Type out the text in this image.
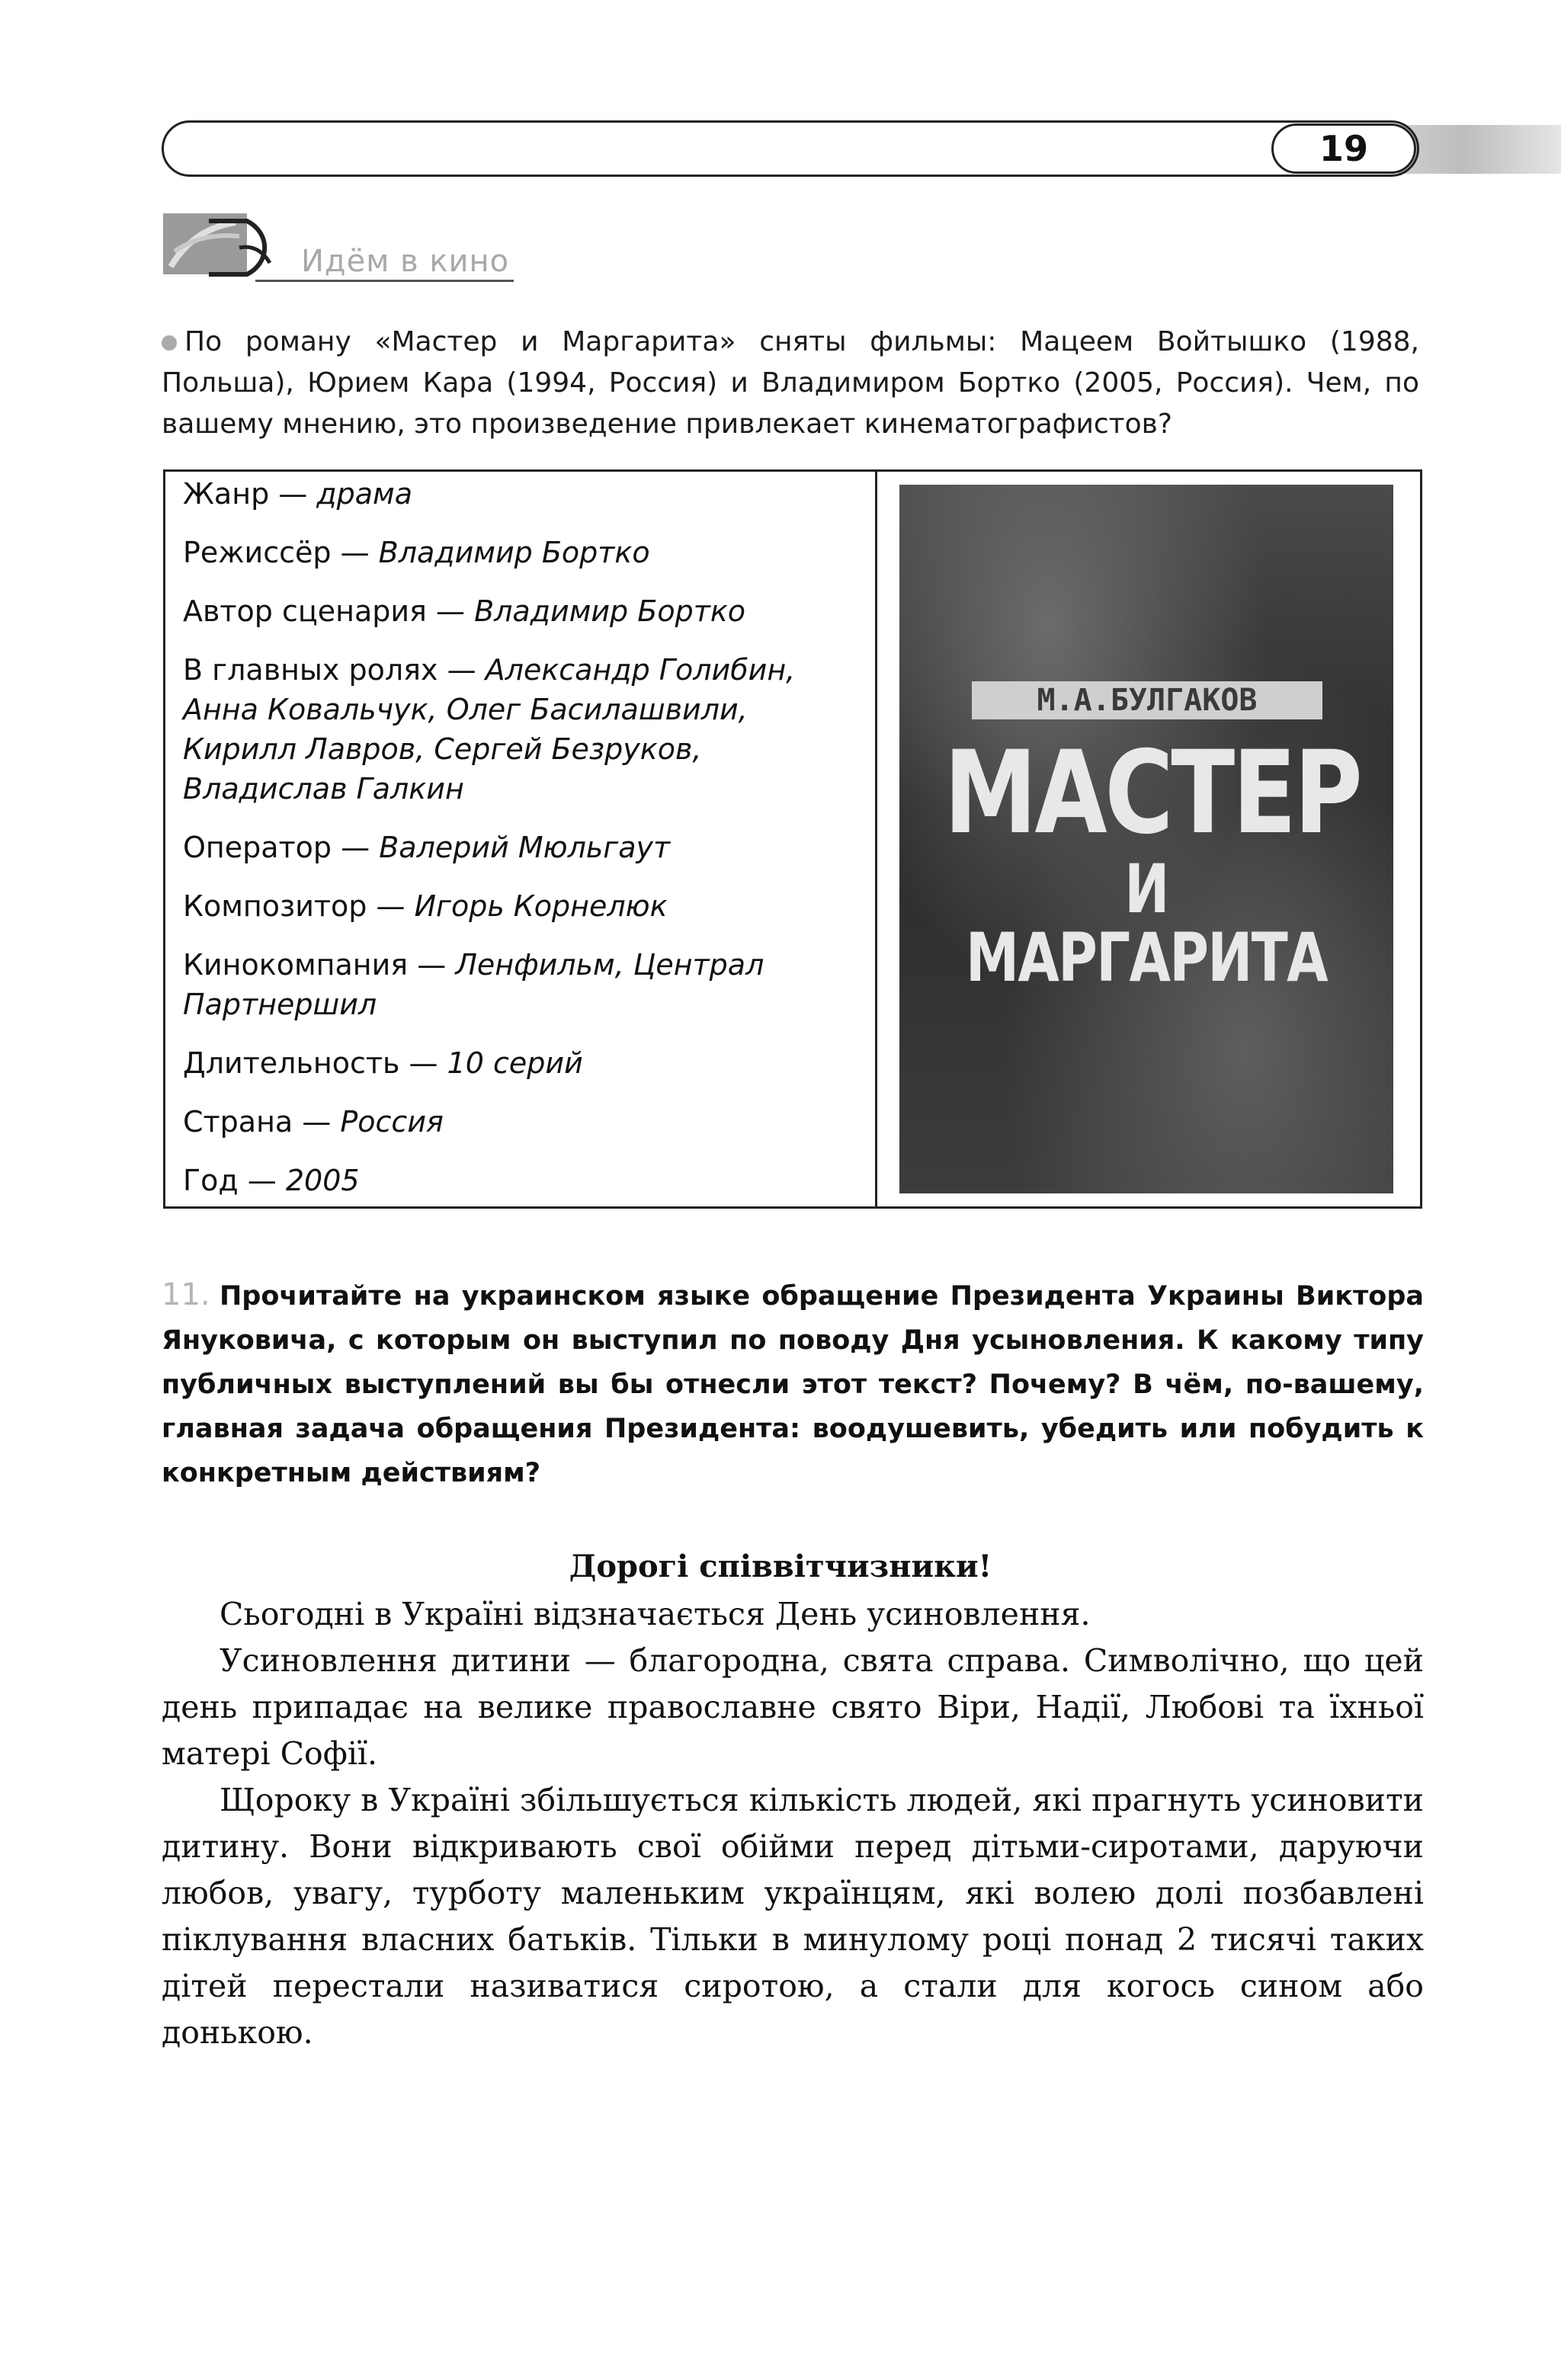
19
Идём в кино
По роману «Мастер и Маргарита» сняты фильмы: Мацеем Войтышко (1988, Польша), Юрием Кара (1994, Россия) и Владимиром Бортко (2005, Россия). Чем, по вашему мнению, это произведение привлекает кинематографистов?
Жанр — драма
Режиссёр — Владимир Бортко
Автор сценария — Владимир Бортко
В главных ролях — Александр Голибин, Анна Ковальчук, Олег Басилашвили, Кирилл Лавров, Сергей Безруков, Владислав Галкин
Оператор — Валерий Мюльгаут
Композитор — Игорь Корнелюк
Кинокомпания — Ленфильм, Централ Партнершил
Длительность — 10 серий
Страна — Россия
Год — 2005
М.А.БУЛГАКОВ
МАСТЕР
И МАРГАРИТА
11. Прочитайте на украинском языке обращение Президента Украины Виктора Януковича, с которым он выступил по поводу Дня усыновления. К какому типу публичных выступлений вы бы отнесли этот текст? Почему? В чём, по-вашему, главная задача обращения Президента: воодушевить, убедить или побудить к конкретным действиям?
Дорогі співвітчизники!

Сьогодні в Україні відзначається День усиновлення.

Усиновлення дитини — благородна, свята справа. Символічно, що цей день припадає на велике православне свято Віри, Надії, Любові та їхньої матері Софії.

Щороку в Україні збільшується кількість людей, які прагнуть усиновити дитину. Вони відкривають свої обійми перед дітьми-сиротами, даруючи любов, увагу, турботу маленьким українцям, які волею долі позбавлені піклування власних батьків. Тільки в минулому році понад 2 тисячі таких дітей перестали називатися сиротою, а стали для когось сином або донькою.
